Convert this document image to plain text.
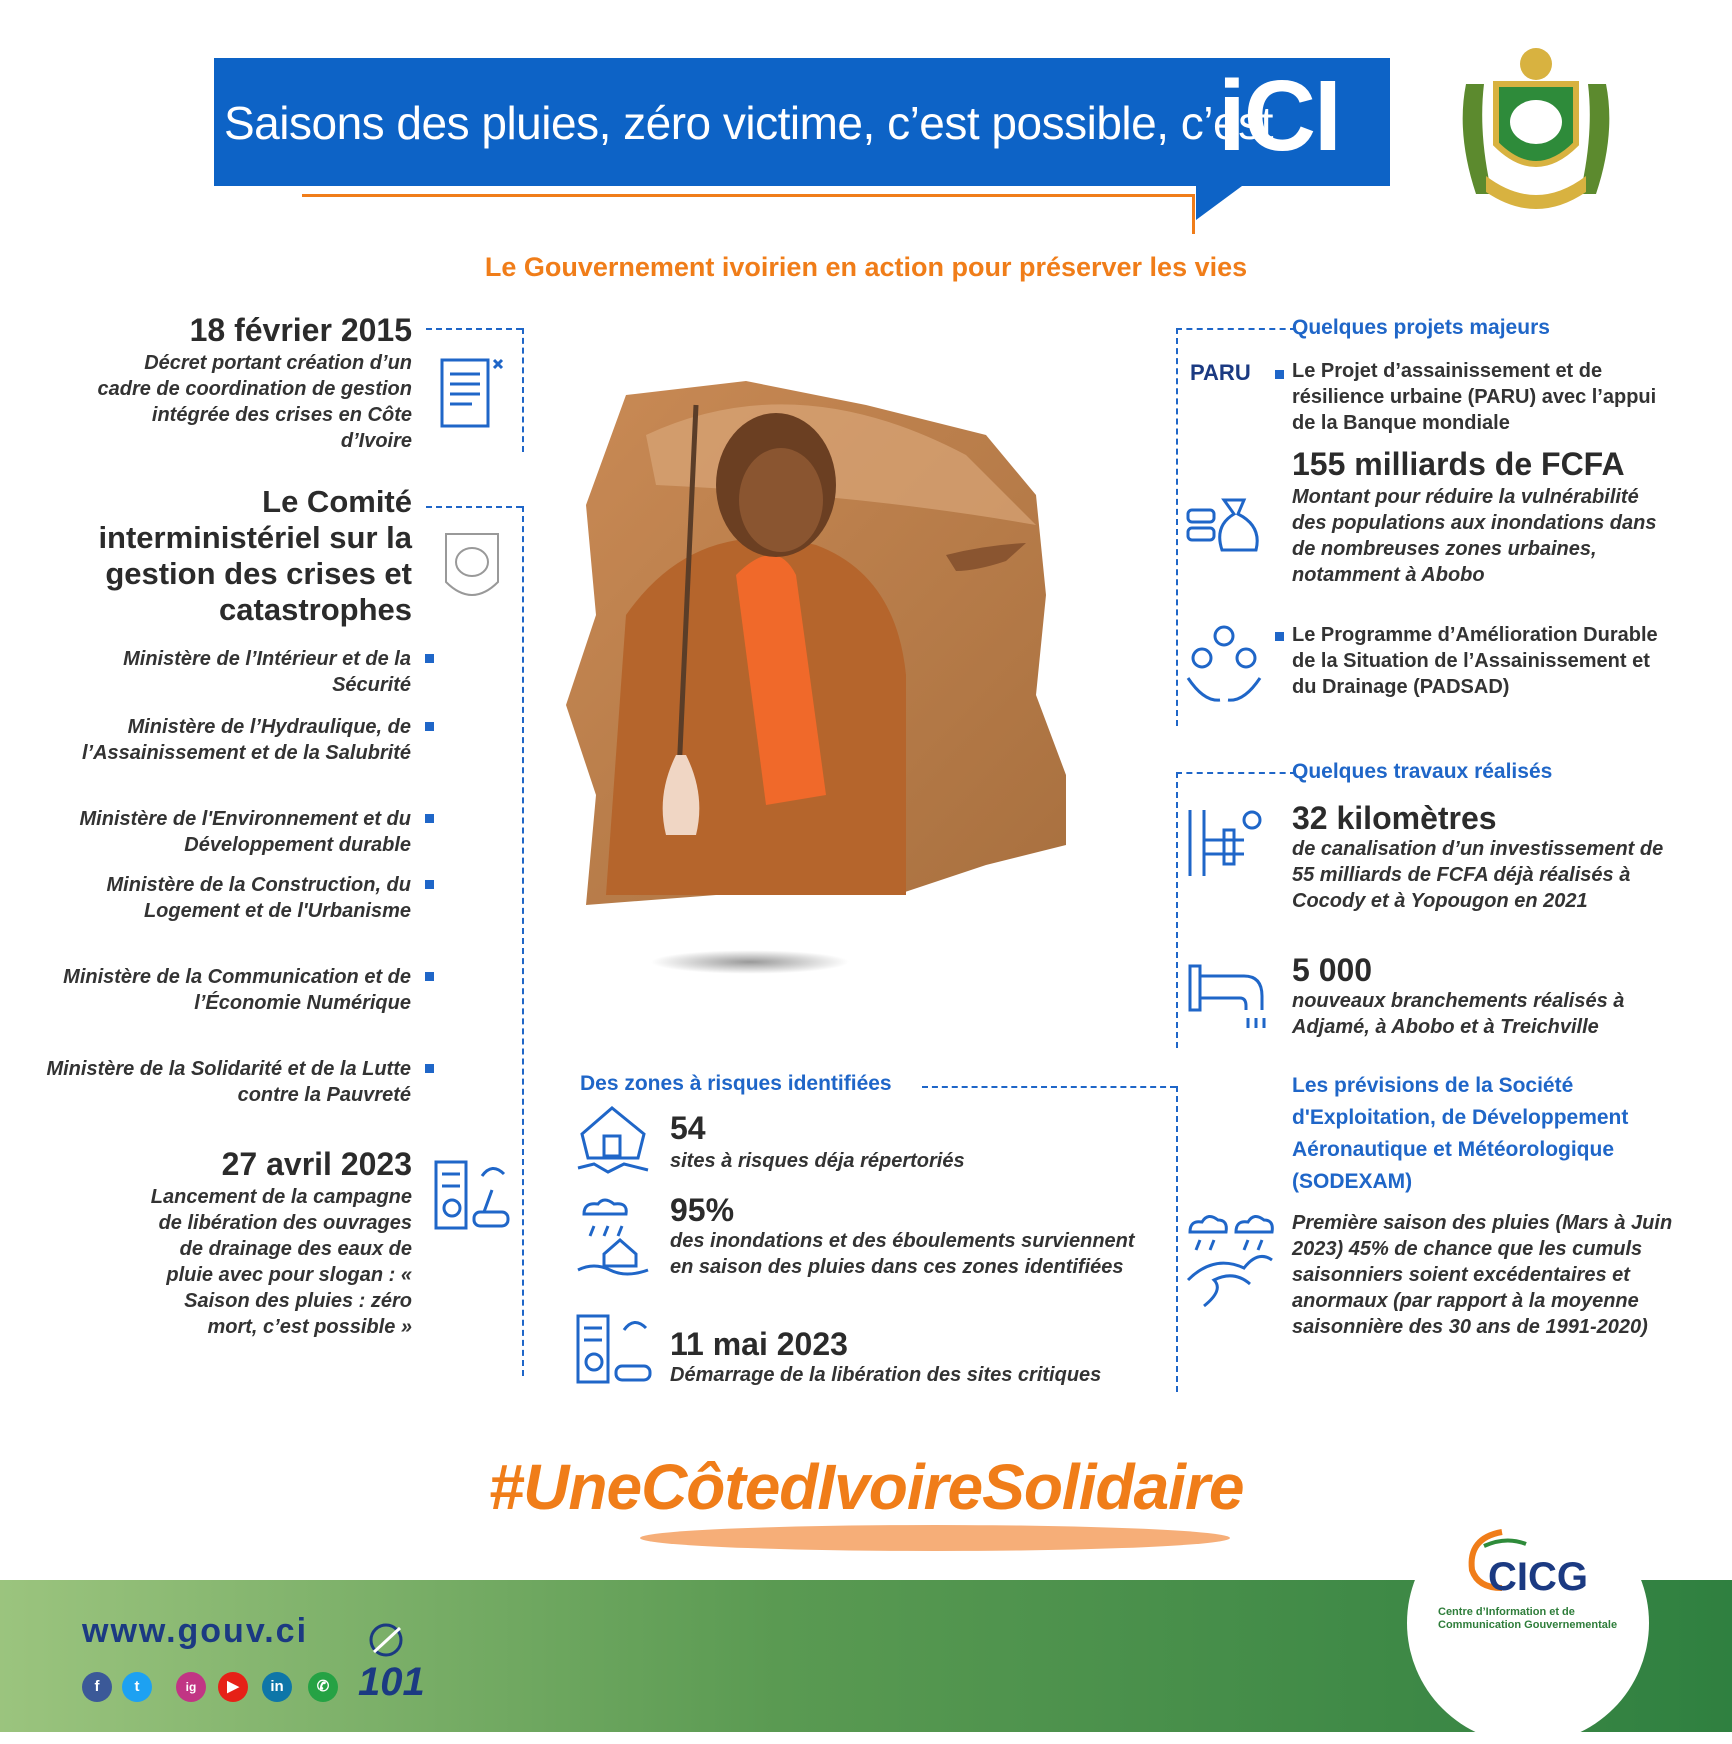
Saisons des pluies, zéro victime, c’est possible, c’est
iCI
Le Gouvernement ivoirien en action pour préserver les vies
18 février 2015
Décret portant création d’un cadre de coordination de gestion intégrée des crises en Côte d’Ivoire
Le Comité interministériel sur la gestion des crises et catastrophes
Ministère de l’Intérieur et de la Sécurité
Ministère de l’Hydraulique, de l’Assainissement et de la Salubrité
Ministère de l'Environnement et du Développement durable
Ministère de la Construction, du Logement et de l'Urbanisme
Ministère de la Communication et de l’Économie Numérique
Ministère de la Solidarité et de la Lutte contre la Pauvreté
27 avril 2023
Lancement de la campagne de libération des ouvrages de drainage des eaux de pluie avec pour slogan : « Saison des pluies : zéro mort, c’est possible »
Quelques projets majeurs
PARU	Le Projet d’assainissement et de résilience urbaine (PARU) avec l’appui de la Banque mondiale
155 milliards de FCFA
Montant pour réduire la vulnérabilité des populations aux inondations dans de nombreuses zones urbaines, notamment à Abobo
Le Programme d’Amélioration Durable de la Situation de l’Assainissement et du Drainage (PADSAD)
Quelques travaux réalisés
32 kilomètres
de canalisation d’un investissement de 55 milliards de FCFA déjà réalisés à Cocody et à Yopougon en 2021
5 000
nouveaux branchements réalisés à Adjamé, à Abobo et à Treichville
Des zones à risques identifiées
54
sites à risques déja répertoriés
95%
des inondations et des éboulements surviennent en saison des pluies dans ces zones identifiées
11 mai 2023
Démarrage de la libération des sites critiques
Les prévisions de la Société d'Exploitation, de Développement Aéronautique et Météorologique (SODEXAM)
Première saison des pluies (Mars à Juin 2023) 45% de chance que les cumuls saisonniers soient excédentaires et anormaux (par rapport à la moyenne saisonnière des 30 ans de 1991-2020)
#UneCôtedIvoireSolidaire
www.gouv.ci
f	t	ig	▶	in	✆ 101
CICG
Centre d’Information et de Communication Gouvernementale
